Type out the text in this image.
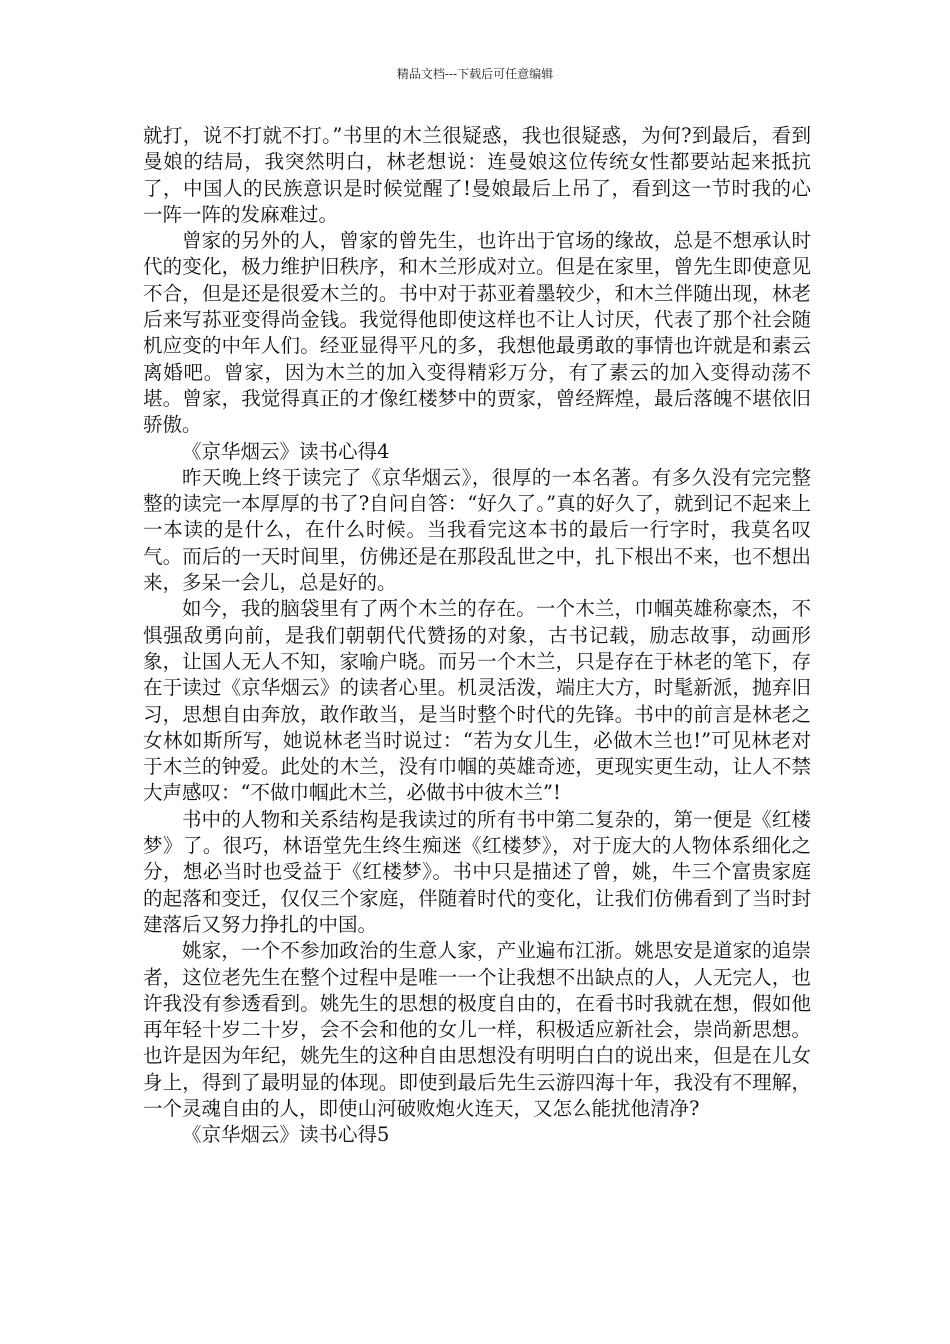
精品文档---下载后可任意编辑

就打，说不打就不打。”书里的木兰很疑惑，我也很疑惑，为何?到最后，看到曼娘的结局，我突然明白，林老想说：连曼娘这位传统女性都要站起来抵抗了，中国人的民族意识是时候觉醒了!曼娘最后上吊了，看到这一节时我的心一阵一阵的发麻难过。

曾家的另外的人，曾家的曾先生，也许出于官场的缘故，总是不想承认时代的变化，极力维护旧秩序，和木兰形成对立。但是在家里，曾先生即使意见不合，但是还是很爱木兰的。书中对于荪亚着墨较少，和木兰伴随出现，林老后来写荪亚变得尚金钱。我觉得他即使这样也不让人讨厌，代表了那个社会随机应变的中年人们。经亚显得平凡的多，我想他最勇敢的事情也许就是和素云离婚吧。曾家，因为木兰的加入变得精彩万分，有了素云的加入变得动荡不堪。曾家，我觉得真正的才像红楼梦中的贾家，曾经辉煌，最后落魄不堪依旧骄傲。

《京华烟云》读书心得4

昨天晚上终于读完了《京华烟云》，很厚的一本名著。有多久没有完完整整的读完一本厚厚的书了?自问自答：“好久了。”真的好久了，就到记不起来上一本读的是什么，在什么时候。当我看完这本书的最后一行字时，我莫名叹气。而后的一天时间里，仿佛还是在那段乱世之中，扎下根出不来，也不想出来，多呆一会儿，总是好的。

如今，我的脑袋里有了两个木兰的存在。一个木兰，巾帼英雄称豪杰，不惧强敌勇向前，是我们朝朝代代赞扬的对象，古书记载，励志故事，动画形象，让国人无人不知，家喻户晓。而另一个木兰，只是存在于林老的笔下，存在于读过《京华烟云》的读者心里。机灵活泼，端庄大方，时髦新派，抛弃旧习，思想自由奔放，敢作敢当，是当时整个时代的先锋。书中的前言是林老之女林如斯所写，她说林老当时说过：“若为女儿生，必做木兰也!”可见林老对于木兰的钟爱。此处的木兰，没有巾帼的英雄奇迹，更现实更生动，让人不禁大声感叹：“不做巾帼此木兰，必做书中彼木兰”!

书中的人物和关系结构是我读过的所有书中第二复杂的，第一便是《红楼梦》了。很巧，林语堂先生终生痴迷《红楼梦》，对于庞大的人物体系细化之分，想必当时也受益于《红楼梦》。书中只是描述了曾，姚，牛三个富贵家庭的起落和变迁，仅仅三个家庭，伴随着时代的变化，让我们仿佛看到了当时封建落后又努力挣扎的中国。

姚家，一个不参加政治的生意人家，产业遍布江浙。姚思安是道家的追崇者，这位老先生在整个过程中是唯一一个让我想不出缺点的人，人无完人，也许我没有参透看到。姚先生的思想的极度自由的，在看书时我就在想，假如他再年轻十岁二十岁，会不会和他的女儿一样，积极适应新社会，崇尚新思想。也许是因为年纪，姚先生的这种自由思想没有明明白白的说出来，但是在儿女身上，得到了最明显的体现。即使到最后先生云游四海十年，我没有不理解，一个灵魂自由的人，即使山河破败炮火连天，又怎么能扰他清净?

《京华烟云》读书心得5
